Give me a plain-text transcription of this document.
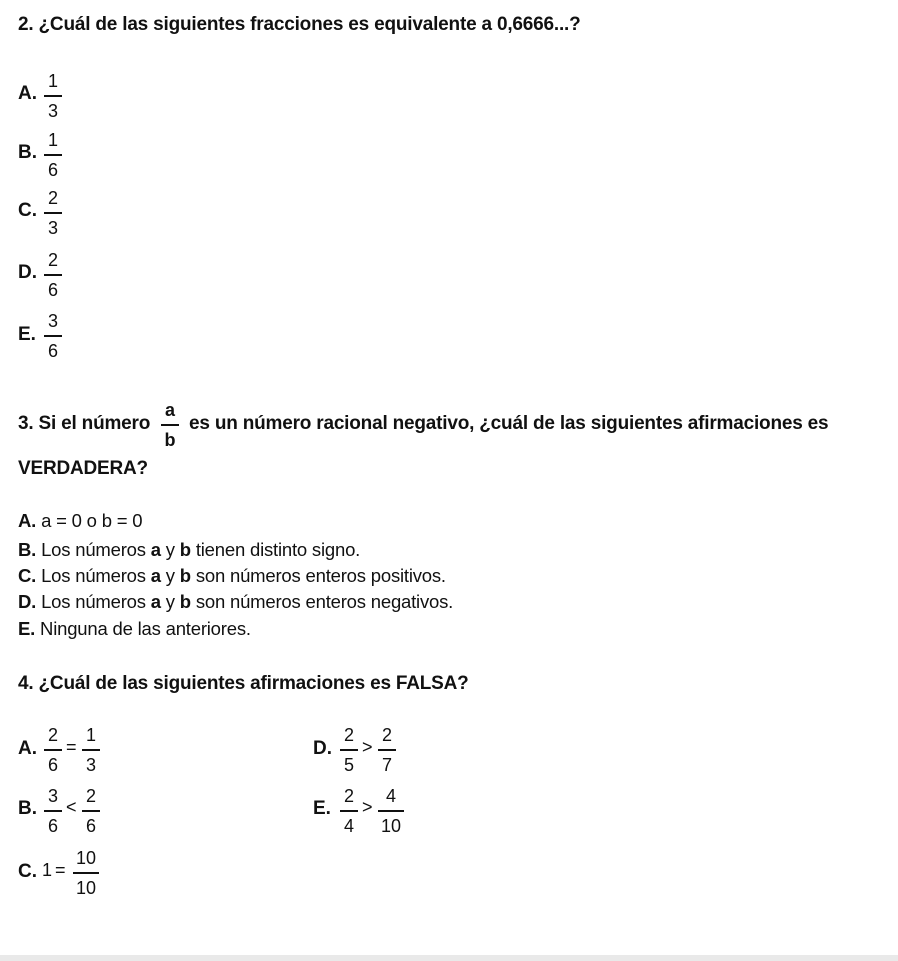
2. ¿Cuál de las siguientes fracciones es equivalente a 0,6666...?
A.
1
3
B.
1
6
C.
2
3
D.
2
6
E.
3
6
3. Si el número
a
b
es un número racional negativo, ¿cuál de las siguientes afirmaciones es
VERDADERA?
A. a = 0 o b = 0
B. Los números a y b tienen distinto signo.
C. Los números a y b son números enteros positivos.
D. Los números a y b son números enteros negativos.
E. Ninguna de las anteriores.
4. ¿Cuál de las siguientes afirmaciones es FALSA?
A.
2
6
=
1
3
B.
3
6
<
2
6
C. 1 =
10
10
D.
2
5
>
2
7
E.
2
4
>
4
10
